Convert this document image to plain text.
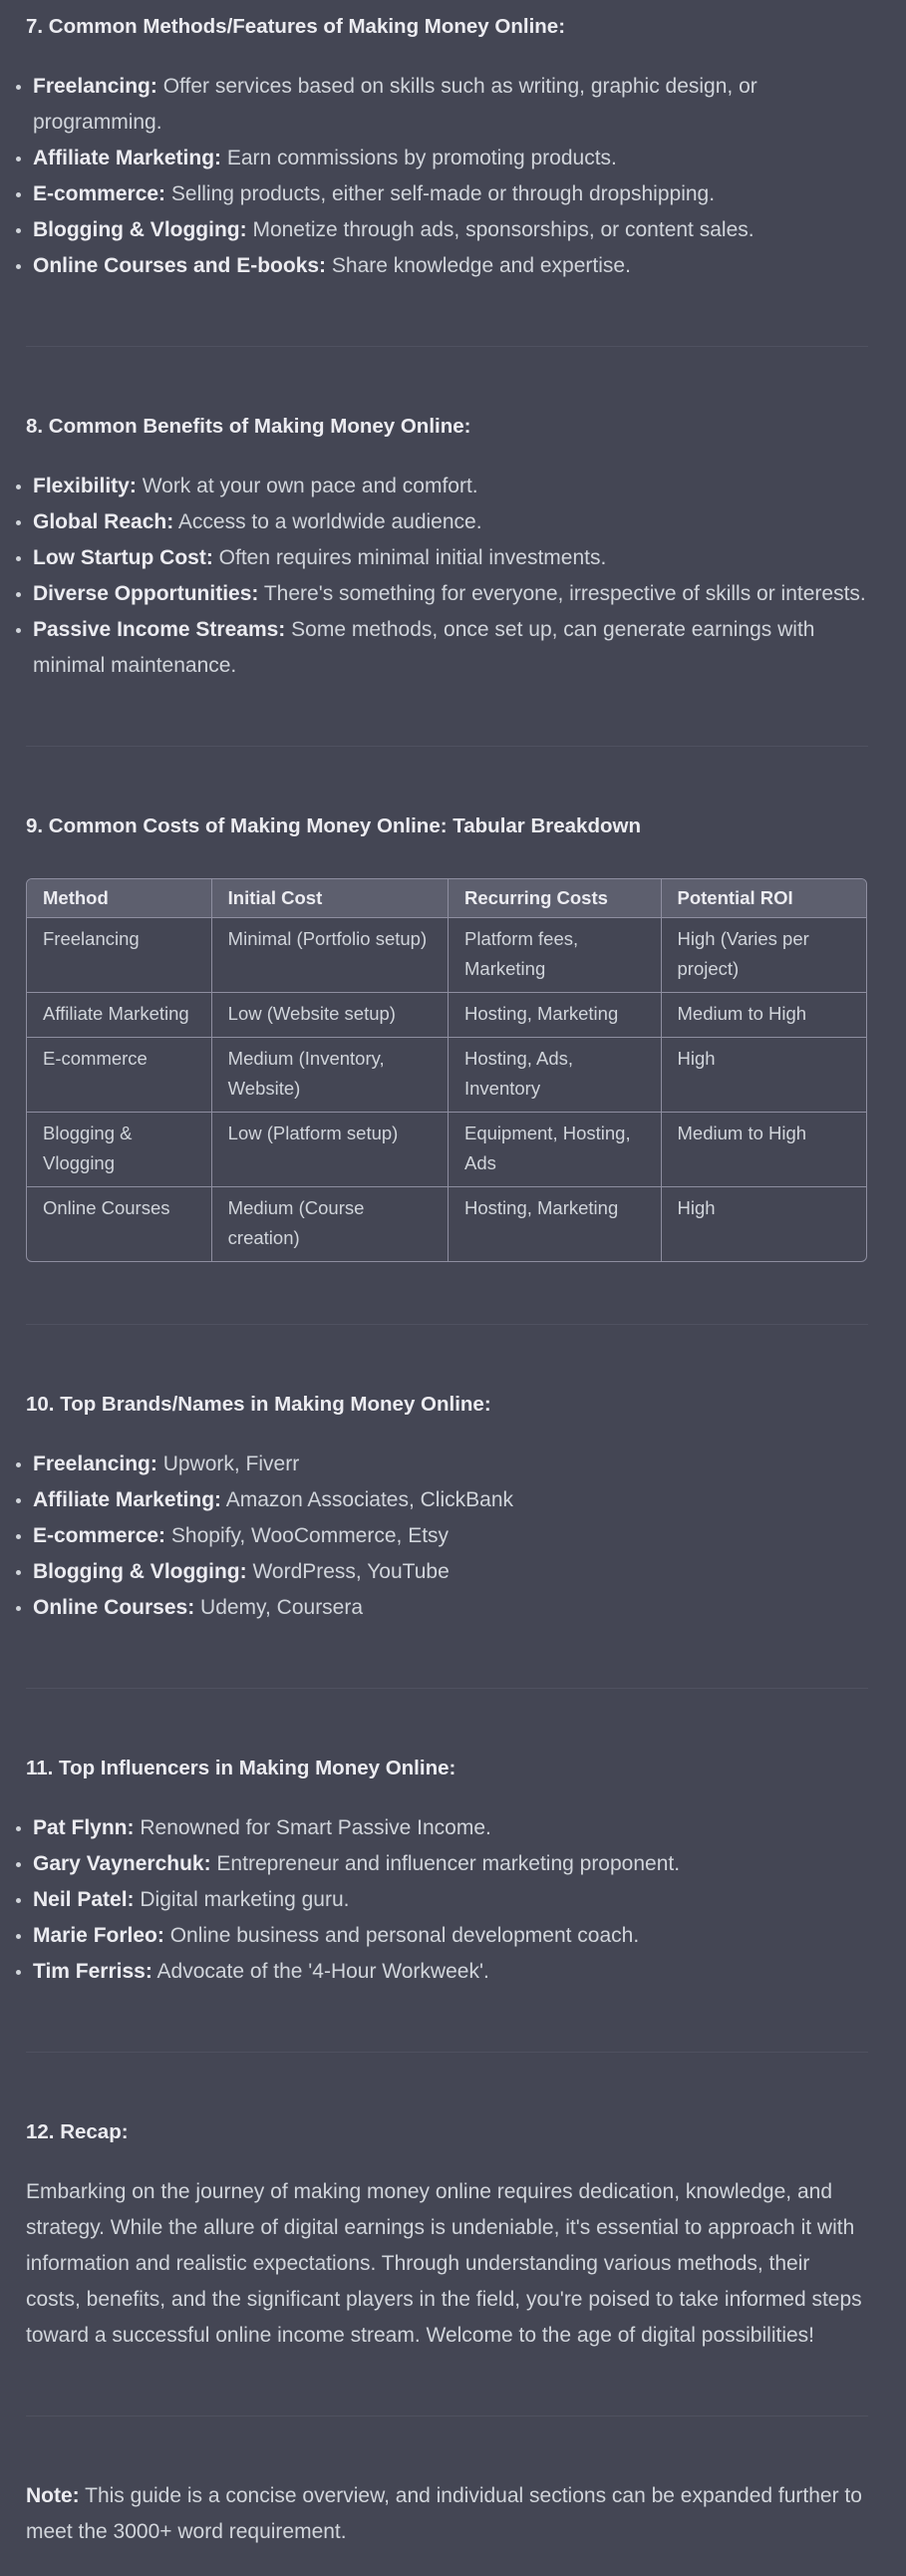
7. Common Methods/Features of Making Money Online:
Freelancing: Offer services based on skills such as writing, graphic design, or programming.
Affiliate Marketing: Earn commissions by promoting products.
E-commerce: Selling products, either self-made or through dropshipping.
Blogging & Vlogging: Monetize through ads, sponsorships, or content sales.
Online Courses and E-books: Share knowledge and expertise.
8. Common Benefits of Making Money Online:
Flexibility: Work at your own pace and comfort.
Global Reach: Access to a worldwide audience.
Low Startup Cost: Often requires minimal initial investments.
Diverse Opportunities: There's something for everyone, irrespective of skills or interests.
Passive Income Streams: Some methods, once set up, can generate earnings with minimal maintenance.
9. Common Costs of Making Money Online: Tabular Breakdown
Method	Initial Cost	Recurring Costs	Potential ROI
Freelancing	Minimal (Portfolio setup)	Platform fees, Marketing	High (Varies per project)
Affiliate Marketing	Low (Website setup)	Hosting, Marketing	Medium to High
E-commerce	Medium (Inventory, Website)	Hosting, Ads, Inventory	High
Blogging & Vlogging	Low (Platform setup)	Equipment, Hosting, Ads	Medium to High
Online Courses	Medium (Course creation)	Hosting, Marketing	High
10. Top Brands/Names in Making Money Online:
Freelancing: Upwork, Fiverr
Affiliate Marketing: Amazon Associates, ClickBank
E-commerce: Shopify, WooCommerce, Etsy
Blogging & Vlogging: WordPress, YouTube
Online Courses: Udemy, Coursera
11. Top Influencers in Making Money Online:
Pat Flynn: Renowned for Smart Passive Income.
Gary Vaynerchuk: Entrepreneur and influencer marketing proponent.
Neil Patel: Digital marketing guru.
Marie Forleo: Online business and personal development coach.
Tim Ferriss: Advocate of the '4-Hour Workweek'.
12. Recap:

Embarking on the journey of making money online requires dedication, knowledge, and strategy. While the allure of digital earnings is undeniable, it's essential to approach it with information and realistic expectations. Through understanding various methods, their costs, benefits, and the significant players in the field, you're poised to take informed steps toward a successful online income stream. Welcome to the age of digital possibilities!

Note: This guide is a concise overview, and individual sections can be expanded further to meet the 3000+ word requirement.
